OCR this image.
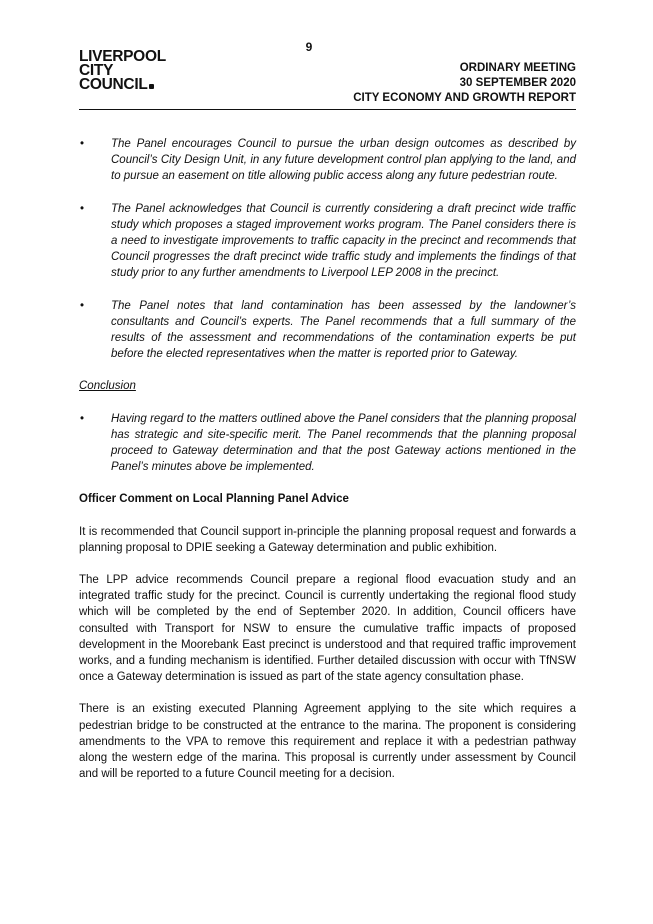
9
LIVERPOOL
CITY
COUNCIL
ORDINARY MEETING
30 SEPTEMBER 2020
CITY ECONOMY AND GROWTH REPORT
• The Panel encourages Council to pursue the urban design outcomes as described by Council’s City Design Unit, in any future development control plan applying to the land, and to pursue an easement on title allowing public access along any future pedestrian route.
• The Panel acknowledges that Council is currently considering a draft precinct wide traffic study which proposes a staged improvement works program. The Panel considers there is a need to investigate improvements to traffic capacity in the precinct and recommends that Council progresses the draft precinct wide traffic study and implements the findings of that study prior to any further amendments to Liverpool LEP 2008 in the precinct.
• The Panel notes that land contamination has been assessed by the landowner’s consultants and Council’s experts. The Panel recommends that a full summary of the results of the assessment and recommendations of the contamination experts be put before the elected representatives when the matter is reported prior to Gateway.
Conclusion
• Having regard to the matters outlined above the Panel considers that the planning proposal has strategic and site-specific merit. The Panel recommends that the planning proposal proceed to Gateway determination and that the post Gateway actions mentioned in the Panel’s minutes above be implemented.
Officer Comment on Local Planning Panel Advice
It is recommended that Council support in-principle the planning proposal request and forwards a planning proposal to DPIE seeking a Gateway determination and public exhibition.
The LPP advice recommends Council prepare a regional flood evacuation study and an integrated traffic study for the precinct. Council is currently undertaking the regional flood study which will be completed by the end of September 2020. In addition, Council officers have consulted with Transport for NSW to ensure the cumulative traffic impacts of proposed development in the Moorebank East precinct is understood and that required traffic improvement works, and a funding mechanism is identified. Further detailed discussion with occur with TfNSW once a Gateway determination is issued as part of the state agency consultation phase.
There is an existing executed Planning Agreement applying to the site which requires a pedestrian bridge to be constructed at the entrance to the marina. The proponent is considering amendments to the VPA to remove this requirement and replace it with a pedestrian pathway along the western edge of the marina. This proposal is currently under assessment by Council and will be reported to a future Council meeting for a decision.
